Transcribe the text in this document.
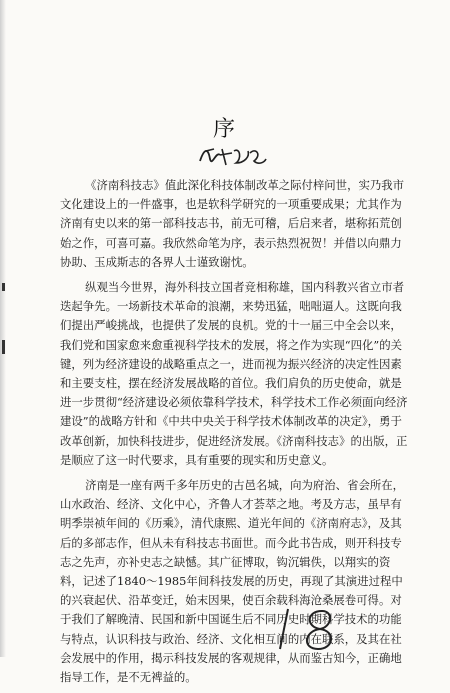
序

《济南科技志》值此深化科技体制改革之际付梓问世，实乃我市文化建设上的一件盛事，也是软科学研究的一项重要成果；尤其作为济南有史以来的第一部科技志书，前无可稽，后启来者，堪称拓荒创始之作，可喜可嘉。我欣然命笔为序，表示热烈祝贺！并借以向鼎力协助、玉成斯志的各界人士谨致谢忱。

纵观当今世界，海外科技立国者竞相称雄，国内科教兴省立市者迭起争先。一场新技术革命的浪潮，来势迅猛，咄咄逼人。这既向我们提出严峻挑战，也提供了发展的良机。党的十一届三中全会以来，我们党和国家愈来愈重视科学技术的发展，将之作为实现“四化”的关键，列为经济建设的战略重点之一，进而视为振兴经济的决定性因素和主要支柱，摆在经济发展战略的首位。我们肩负的历史使命，就是进一步贯彻“经济建设必须依靠科学技术，科学技术工作必须面向经济建设”的战略方针和《中共中央关于科学技术体制改革的决定》，勇于改革创新，加快科技进步，促进经济发展。《济南科技志》的出版，正是顺应了这一时代要求，具有重要的现实和历史意义。

济南是一座有两千多年历史的古邑名城，向为府治、省会所在，山水政治、经济、文化中心，齐鲁人才荟萃之地。考及方志，虽早有明季崇祯年间的《历乘》，清代康熙、道光年间的《济南府志》，及其后的多部志作，但从未有科技志书面世。而今此书告成，则开科技专志之先声，亦补史志之缺憾。其广征博取，钩沉辑佚，以翔实的资料，记述了1840～1985年间科技发展的历史，再现了其演进过程中的兴衰起伏、沿革变迁，始末因果，使百余载科海沧桑展卷可得。对于我们了解晚清、民国和新中国诞生后不同历史时期科学技术的功能与特点，认识科技与政治、经济、文化相互间的内在联系，及其在社会发展中的作用，揭示科技发展的客观规律，从而鉴古知今，正确地指导工作，是不无裨益的。
